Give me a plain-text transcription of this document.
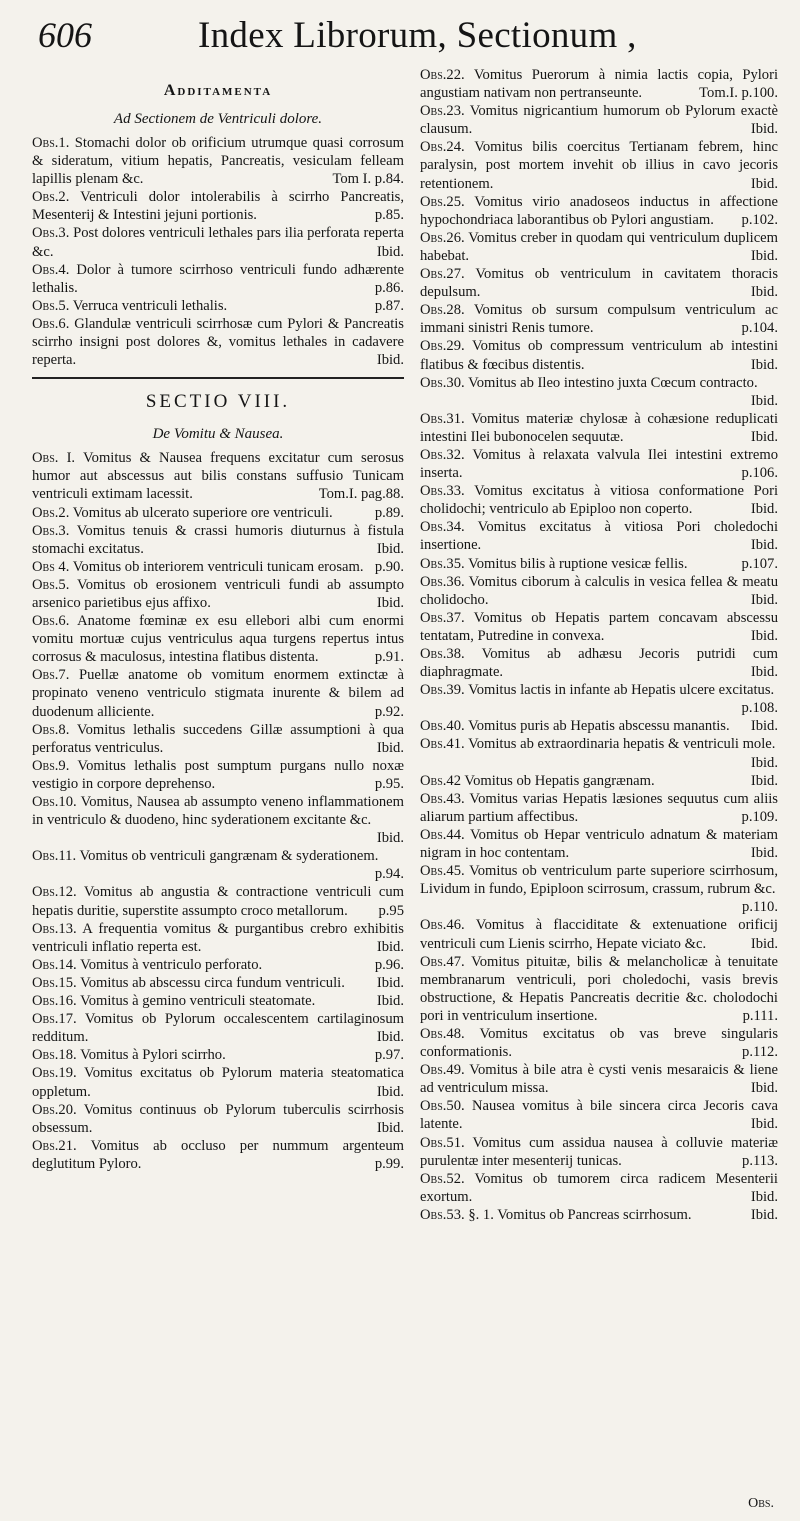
606	Index Librorum, Sectionum ,
Additamenta
Ad Sectionem de Ventriculi dolore.
Obs.1. Stomachi dolor ob orificium utrumque quasi corrosum & sideratum, vitium hepatis, Pancreatis, vesiculam felleam lapillis plenam &c.	Tom I. p.84.
Obs.2. Ventriculi dolor intolerabilis à scirrho Pancreatis, Mesenterij & Intestini jejuni portionis.	p.85.
Obs.3. Post dolores ventriculi lethales pars ilia perforata reperta &c.	Ibid.
Obs.4. Dolor à tumore scirrhoso ventriculi fundo adhærente lethalis.	p.86.
Obs.5. Verruca ventriculi lethalis.	p.87.
Obs.6. Glandulæ ventriculi scirrhosæ cum Pylori & Pancreatis scirrho insigni post dolores &, vomitus lethales in cadavere reperta.	Ibid.
SECTIO VIII.
De Vomitu & Nausea.
Obs. I. Vomitus & Nausea frequens excitatur cum serosus humor aut abscessus aut bilis constans suffusio Tunicam ventriculi extimam lacessit.	Tom.I. pag.88.
Obs.2. Vomitus ab ulcerato superiore ore ventriculi.	p.89.
Obs.3. Vomitus tenuis & crassi humoris diuturnus à fistula stomachi excitatus.	Ibid.
Obs 4. Vomitus ob interiorem ventriculi tunicam erosam. p.90.
Obs.5. Vomitus ob erosionem ventriculi fundi ab assumpto arsenico parietibus ejus affixo.	Ibid.
Obs.6. Anatome fœminæ ex esu ellebori albi cum enormi vomitu mortuæ cujus ventriculus aqua turgens repertus intus corrosus & maculosus, intestina flatibus distenta.	p.91.
Obs.7. Puellæ anatome ob vomitum enormem extinctæ à propinato veneno ventriculo stigmata inurente & bilem ad duodenum alliciente.	p.92.
Obs.8. Vomitus lethalis succedens Gillæ assumptioni à qua perforatus ventriculus.	Ibid.
Obs.9. Vomitus lethalis post sumptum purgans nullo noxæ vestigio in corpore deprehenso.	p.95.
Obs.10. Vomitus, Nausea ab assumpto veneno inflammationem in ventriculo & duodeno, hinc syderationem excitante &c.
Ibid.
Obs.11. Vomitus ob ventriculi gangrænam & syderationem.
p.94.
Obs.12. Vomitus ab angustia & contractione ventriculi cum hepatis duritie, superstite assumpto croco metallorum.	p.95
Obs.13. A frequentia vomitus & purgantibus crebro exhibitis ventriculi inflatio reperta est.	Ibid.
Obs.14. Vomitus à ventriculo perforato.	p.96.
Obs.15. Vomitus ab abscessu circa fundum ventriculi.	Ibid.
Obs.16. Vomitus à gemino ventriculi steatomate.	Ibid.
Obs.17. Vomitus ob Pylorum occalescentem cartilaginosum redditum.	Ibid.
Obs.18. Vomitus à Pylori scirrho.	p.97.
Obs.19. Vomitus excitatus ob Pylorum materia steatomatica oppletum.	Ibid.
Obs.20. Vomitus continuus ob Pylorum tuberculis scirrhosis obsessum.	Ibid.
Obs.21. Vomitus ab occluso per nummum argenteum deglutitum Pyloro.	p.99.
Obs.22. Vomitus Puerorum à nimia lactis copia, Pylori angustiam nativam non pertranseunte.	Tom.I. p.100.
Obs.23. Vomitus nigricantium humorum ob Pylorum exactè clausum.	Ibid.
Obs.24. Vomitus bilis coercitus Tertianam febrem, hinc paralysin, post mortem invehit ob illius in cavo jecoris retentionem.	Ibid.
Obs.25. Vomitus virio anadoseos inductus in affectione hypochondriaca laborantibus ob Pylori angustiam.	p.102.
Obs.26. Vomitus creber in quodam qui ventriculum duplicem habebat.	Ibid.
Obs.27. Vomitus ob ventriculum in cavitatem thoracis depulsum.	Ibid.
Obs.28. Vomitus ob sursum compulsum ventriculum ac immani sinistri Renis tumore.	p.104.
Obs.29. Vomitus ob compressum ventriculum ab intestini flatibus & fœcibus distentis.	Ibid.
Obs.30. Vomitus ab Ileo intestino juxta Cœcum contracto.
Ibid.
Obs.31. Vomitus materiæ chylosæ à cohæsione reduplicati intestini Ilei bubonocelen sequutæ.	Ibid.
Obs.32. Vomitus à relaxata valvula Ilei intestini extremo inserta.	p.106.
Obs.33. Vomitus excitatus à vitiosa conformatione Pori cholidochi; ventriculo ab Epiploo non coperto.	Ibid.
Obs.34. Vomitus excitatus à vitiosa Pori choledochi insertione.	Ibid.
Obs.35. Vomitus bilis à ruptione vesicæ fellis.	p.107.
Obs.36. Vomitus ciborum à calculis in vesica fellea & meatu cholidocho.	Ibid.
Obs.37. Vomitus ob Hepatis partem concavam abscessu tentatam, Putredine in convexa.	Ibid.
Obs.38. Vomitus ab adhæsu Jecoris putridi cum diaphragmate.	Ibid.
Obs.39. Vomitus lactis in infante ab Hepatis ulcere excitatus.
p.108.
Obs.40. Vomitus puris ab Hepatis abscessu manantis.	Ibid.
Obs.41. Vomitus ab extraordinaria hepatis & ventriculi mole.
Ibid.
Obs.42 Vomitus ob Hepatis gangrænam.	Ibid.
Obs.43. Vomitus varias Hepatis læsiones sequutus cum aliis aliarum partium affectibus.	p.109.
Obs.44. Vomitus ob Hepar ventriculo adnatum & materiam nigram in hoc contentam.	Ibid.
Obs.45. Vomitus ob ventriculum parte superiore scirrhosum, Lividum in fundo, Epiploon scirrosum, crassum, rubrum &c.
p.110.
Obs.46. Vomitus à flacciditate & extenuatione orificij ventriculi cum Lienis scirrho, Hepate viciato &c.	Ibid.
Obs.47. Vomitus pituitæ, bilis & melancholicæ à tenuitate membranarum ventriculi, pori choledochi, vasis brevis obstructione, & Hepatis Pancreatis decritie &c. cholodochi pori in ventriculum insertione.	p.111.
Obs.48. Vomitus excitatus ob vas breve singularis conformationis.	p.112.
Obs.49. Vomitus à bile atra è cysti venis mesaraicis & liene ad ventriculum missa.	Ibid.
Obs.50. Nausea vomitus à bile sincera circa Jecoris cava latente.	Ibid.
Obs.51. Vomitus cum assidua nausea à colluvie materiæ purulentæ inter mesenterij tunicas.	p.113.
Obs.52. Vomitus ob tumorem circa radicem Mesenterii exortum.	Ibid.
Obs.53. §. 1. Vomitus ob Pancreas scirrhosum.	Ibid.
Obs.
